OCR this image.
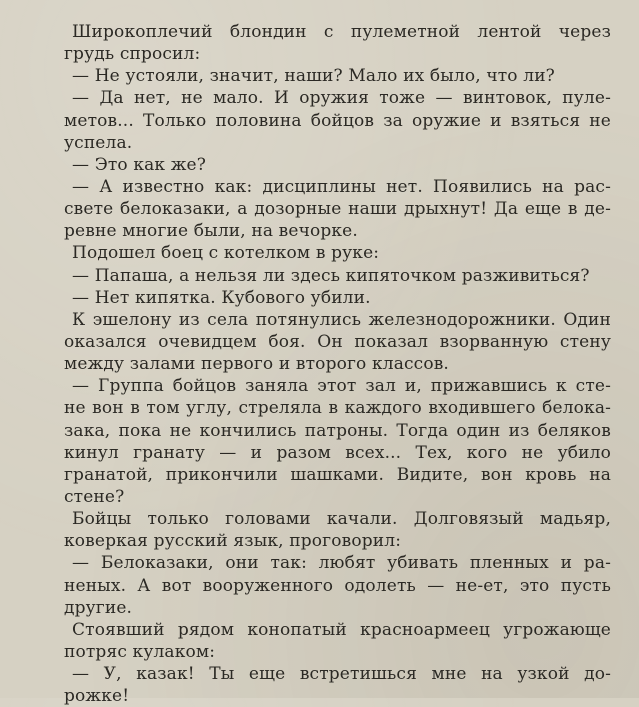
Широкоплечий блондин с пулеметной лентой через
грудь спросил:
— Не устояли, значит, наши? Мало их было, что ли?
— Да нет, не мало. И оружия тоже — винтовок, пуле-
метов... Только половина бойцов за оружие и взяться не
успела.
— Это как же?
— А известно как: дисциплины нет. Появились на рас-
свете белоказаки, а дозорные наши дрыхнут! Да еще в де-
ревне многие были, на вечорке.
Подошел боец с котелком в руке:
— Папаша, а нельзя ли здесь кипяточком разживиться?
— Нет кипятка. Кубового убили.
К эшелону из села потянулись железнодорожники. Один
оказался очевидцем боя. Он показал взорванную стену
между залами первого и второго классов.
— Группа бойцов заняла этот зал и, прижавшись к сте-
не вон в том углу, стреляла в каждого входившего белока-
зака, пока не кончились патроны. Тогда один из беляков
кинул гранату — и разом всех... Тех, кого не убило
гранатой, прикончили шашками. Видите, вон кровь на
стене?
Бойцы только головами качали. Долговязый мадьяр,
коверкая русский язык, проговорил:
— Белоказаки, они так: любят убивать пленных и ра-
неных. А вот вооруженного одолеть — не-ет, это пусть
другие.
Стоявший рядом конопатый красноармеец угрожающе
потряс кулаком:
— У, казак! Ты еще встретишься мне на узкой до-
рожке!
